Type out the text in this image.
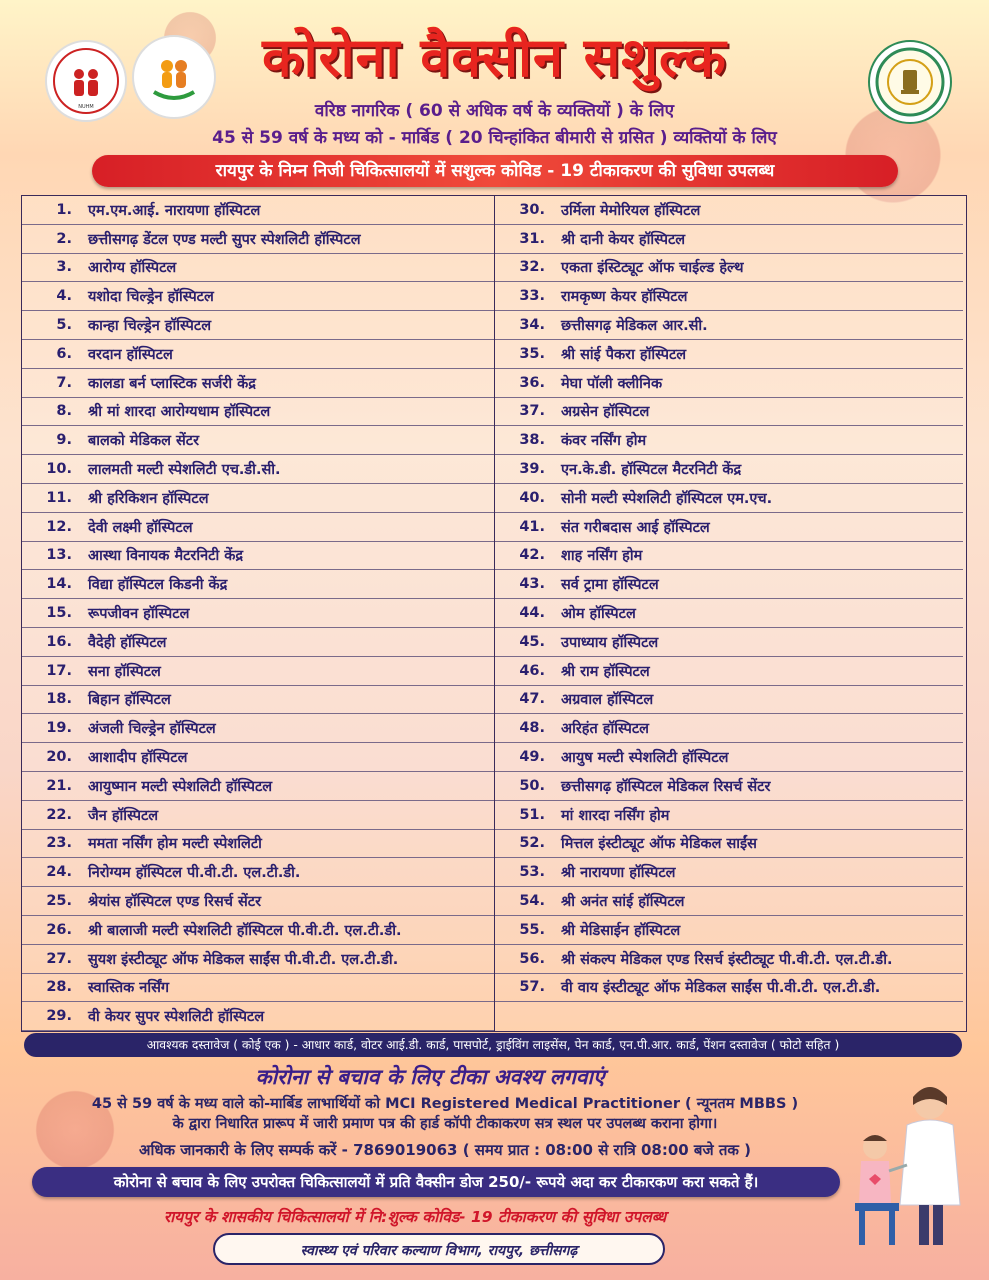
NUHM
कोरोना वैक्सीन सशुल्क
वरिष्ठ नागरिक ( 60 से अधिक वर्ष के व्यक्तियों ) के लिए
45 से 59 वर्ष के मध्य को - मार्बिड ( 20 चिन्हांकित बीमारी से ग्रसित ) व्यक्तियों के लिए
रायपुर के निम्न निजी चिकित्सालयों में सशुल्क कोविड - 19 टीकाकरण की सुविधा उपलब्ध
1.	एम.एम.आई. नारायणा हॉस्पिटल
2.	छत्तीसगढ़ डेंटल एण्ड मल्टी सुपर स्पेशलिटी हॉस्पिटल
3.	आरोग्य हॉस्पिटल
4.	यशोदा चिल्ड्रेन हॉस्पिटल
5.	कान्हा चिल्ड्रेन हॉस्पिटल
6.	वरदान हॉस्पिटल
7.	कालडा बर्न प्लास्टिक सर्जरी केंद्र
8.	श्री मां शारदा आरोग्यधाम हॉस्पिटल
9.	बालको मेडिकल सेंटर
10.	लालमती मल्टी स्पेशलिटी एच.डी.सी.
11.	श्री हरिकिशन हॉस्पिटल
12.	देवी लक्ष्मी हॉस्पिटल
13.	आस्था विनायक मैटरनिटी केंद्र
14.	विद्या हॉस्पिटल किडनी केंद्र
15.	रूपजीवन हॉस्पिटल
16.	वैदेही हॉस्पिटल
17.	सना हॉस्पिटल
18.	बिहान हॉस्पिटल
19.	अंजली चिल्ड्रेन हॉस्पिटल
20.	आशादीप हॉस्पिटल
21.	आयुष्मान मल्टी स्पेशलिटी हॉस्पिटल
22.	जैन हॉस्पिटल
23.	ममता नर्सिंग होम मल्टी स्पेशलिटी
24.	निरोग्यम हॉस्पिटल पी.वी.टी. एल.टी.डी.
25.	श्रेयांस हॉस्पिटल एण्ड रिसर्च सेंटर
26.	श्री बालाजी मल्टी स्पेशलिटी हॉस्पिटल पी.वी.टी. एल.टी.डी.
27.	सुयश इंस्टीट्यूट ऑफ मेडिकल साईंस पी.वी.टी. एल.टी.डी.
28.	स्वास्तिक नर्सिंग
29.	वी केयर सुपर स्पेशलिटी हॉस्पिटल
30.	उर्मिला मेमोरियल हॉस्पिटल
31.	श्री दानी केयर हॉस्पिटल
32.	एकता इंस्टिट्यूट ऑफ चाईल्ड हेल्थ
33.	रामकृष्ण केयर हॉस्पिटल
34.	छत्तीसगढ़ मेडिकल आर.सी.
35.	श्री सांई पैकरा हॉस्पिटल
36.	मेघा पॉली क्लीनिक
37.	अग्रसेन हॉस्पिटल
38.	कंवर नर्सिंग होम
39.	एन.के.डी. हॉस्पिटल मैटरनिटी केंद्र
40.	सोनी मल्टी स्पेशलिटी हॉस्पिटल एम.एच.
41.	संत गरीबदास आई हॉस्पिटल
42.	शाह नर्सिंग होम
43.	सर्व ट्रामा हॉस्पिटल
44.	ओम हॉस्पिटल
45.	उपाध्याय हॉस्पिटल
46.	श्री राम हॉस्पिटल
47.	अग्रवाल हॉस्पिटल
48.	अरिहंत हॉस्पिटल
49.	आयुष मल्टी स्पेशलिटी हॉस्पिटल
50.	छत्तीसगढ़ हॉस्पिटल मेडिकल रिसर्च सेंटर
51.	मां शारदा नर्सिंग होम
52.	मित्तल इंस्टीट्यूट ऑफ मेडिकल साईंस
53.	श्री नारायणा हॉस्पिटल
54.	श्री अनंत सांई हॉस्पिटल
55.	श्री मेडिसाईन हॉस्पिटल
56.	श्री संकल्प मेडिकल एण्ड रिसर्च इंस्टीट्यूट पी.वी.टी. एल.टी.डी.
57.	वी वाय इंस्टीट्यूट ऑफ मेडिकल साईंस पी.वी.टी. एल.टी.डी.
आवश्यक दस्तावेज ( कोई एक ) - आधार कार्ड, वोटर आई.डी. कार्ड, पासपोर्ट, ड्राईविंग लाइसेंस, पेन कार्ड, एन.पी.आर. कार्ड, पेंशन दस्तावेज ( फोटो सहित )
कोरोना से बचाव के लिए टीका अवश्य लगवाएं
45 से 59 वर्ष के मध्य वाले को-मार्बिड लाभार्थियों को MCI Registered Medical Practitioner ( न्यूनतम MBBS )
के द्वारा निधारित प्रारूप में जारी प्रमाण पत्र की हार्ड कॉपी टीकाकरण सत्र स्थल पर उपलब्ध कराना होगा।
अधिक जानकारी के लिए सम्पर्क करें - 7869019063 ( समय प्रात : 08:00 से रात्रि 08:00 बजे तक )
कोरोना से बचाव के लिए उपरोक्त चिकित्सालयों में प्रति वैक्सीन डोज 250/- रूपये अदा कर टीकारकण करा सकते हैं।
रायपुर के शासकीय चिकित्सालयों में नि:शुल्क कोविड- 19 टीकाकरण की सुविधा उपलब्ध
स्वास्थ्य एवं परिवार कल्याण विभाग, रायपुर, छत्तीसगढ़
